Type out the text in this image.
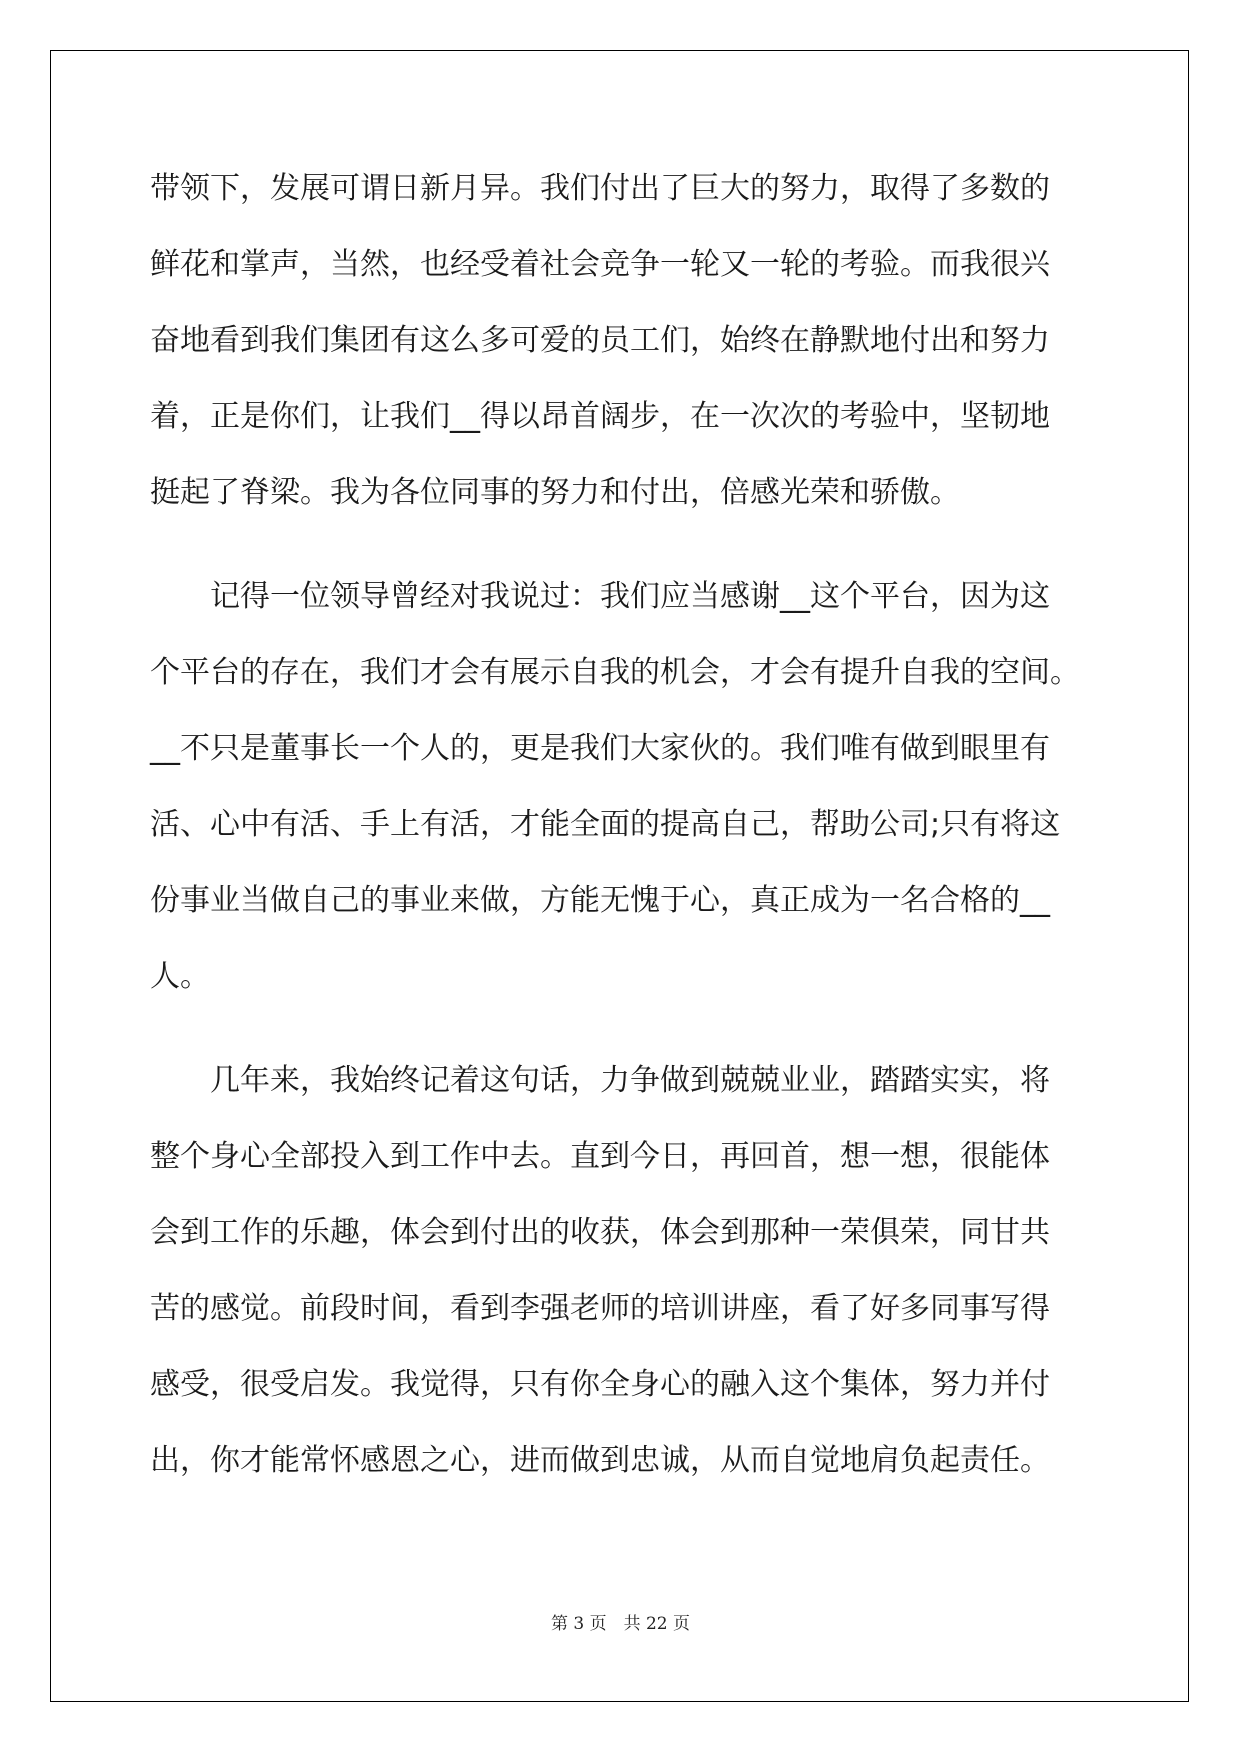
带领下，发展可谓日新月异。我们付出了巨大的努力，取得了多数的

鲜花和掌声，当然，也经受着社会竞争一轮又一轮的考验。而我很兴

奋地看到我们集团有这么多可爱的员工们，始终在静默地付出和努力

着，正是你们，让我们__得以昂首阔步，在一次次的考验中，坚韧地

挺起了脊梁。我为各位同事的努力和付出，倍感光荣和骄傲。

　　记得一位领导曾经对我说过：我们应当感谢__这个平台，因为这

个平台的存在，我们才会有展示自我的机会，才会有提升自我的空间。

__不只是董事长一个人的，更是我们大家伙的。我们唯有做到眼里有

活、心中有活、手上有活，才能全面的提高自己，帮助公司;只有将这

份事业当做自己的事业来做，方能无愧于心，真正成为一名合格的__

人。

　　几年来，我始终记着这句话，力争做到兢兢业业，踏踏实实，将

整个身心全部投入到工作中去。直到今日，再回首，想一想，很能体

会到工作的乐趣，体会到付出的收获，体会到那种一荣俱荣，同甘共

苦的感觉。前段时间，看到李强老师的培训讲座，看了好多同事写得

感受，很受启发。我觉得，只有你全身心的融入这个集体，努力并付

出，你才能常怀感恩之心，进而做到忠诚，从而自觉地肩负起责任。

第 3 页　共 22 页
